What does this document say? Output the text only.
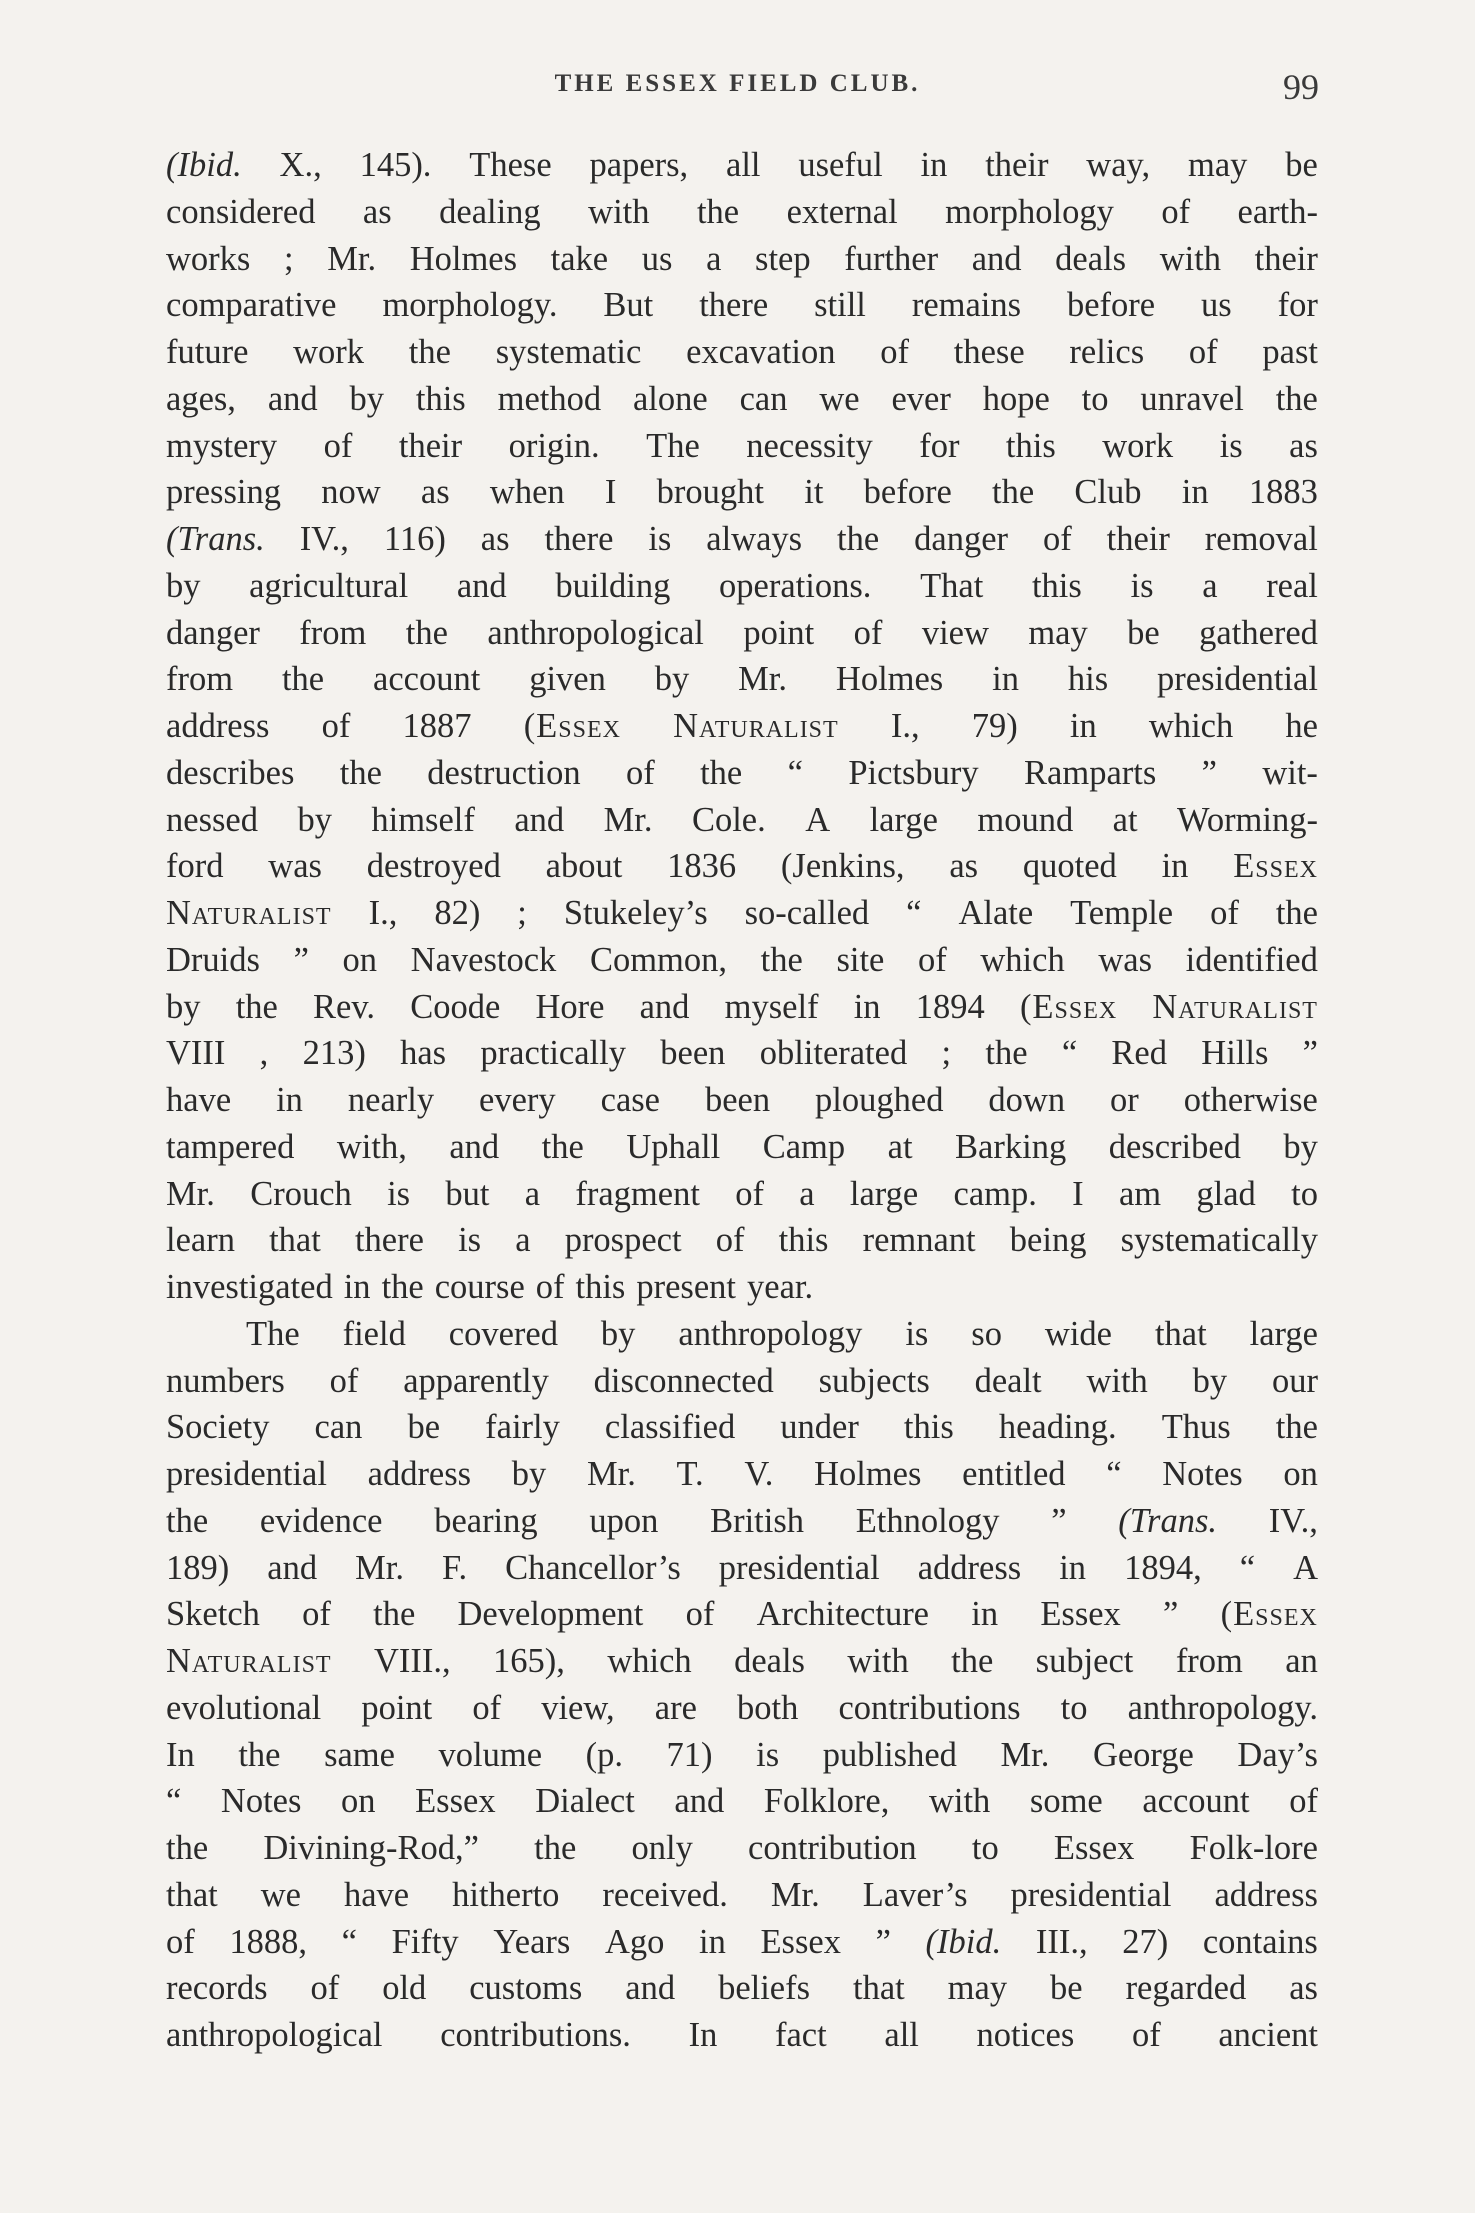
THE ESSEX FIELD CLUB.	99
(Ibid. X., 145). These papers, all useful in their way, may be
considered as dealing with the external morphology of earth-
works ; Mr. Holmes take us a step further and deals with their
comparative morphology. But there still remains before us for
future work the systematic excavation of these relics of past
ages, and by this method alone can we ever hope to unravel the
mystery of their origin. The necessity for this work is as
pressing now as when I brought it before the Club in 1883
(Trans. IV., 116) as there is always the danger of their removal
by agricultural and building operations. That this is a real
danger from the anthropological point of view may be gathered
from the account given by Mr. Holmes in his presidential
address of 1887 (Essex Naturalist I., 79) in which he
describes the destruction of the “ Pictsbury Ramparts ” wit-
nessed by himself and Mr. Cole. A large mound at Worming-
ford was destroyed about 1836 (Jenkins, as quoted in Essex
Naturalist I., 82) ; Stukeley’s so-called “ Alate Temple of the
Druids ” on Navestock Common, the site of which was identified
by the Rev. Coode Hore and myself in 1894 (Essex Naturalist
VIII , 213) has practically been obliterated ; the “ Red Hills ”
have in nearly every case been ploughed down or otherwise
tampered with, and the Uphall Camp at Barking described by
Mr. Crouch is but a fragment of a large camp. I am glad to
learn that there is a prospect of this remnant being systematically
investigated in the course of this present year.
The field covered by anthropology is so wide that large
numbers of apparently disconnected subjects dealt with by our
Society can be fairly classified under this heading. Thus the
presidential address by Mr. T. V. Holmes entitled “ Notes on
the evidence bearing upon British Ethnology ” (Trans. IV.,
189) and Mr. F. Chancellor’s presidential address in 1894, “ A
Sketch of the Development of Architecture in Essex ” (Essex
Naturalist VIII., 165), which deals with the subject from an
evolutional point of view, are both contributions to anthropology.
In the same volume (p. 71) is published Mr. George Day’s
“ Notes on Essex Dialect and Folklore, with some account of
the Divining-Rod,” the only contribution to Essex Folk-lore
that we have hitherto received. Mr. Laver’s presidential address
of 1888, “ Fifty Years Ago in Essex ” (Ibid. III., 27) contains
records of old customs and beliefs that may be regarded as
anthropological contributions. In fact all notices of ancient
